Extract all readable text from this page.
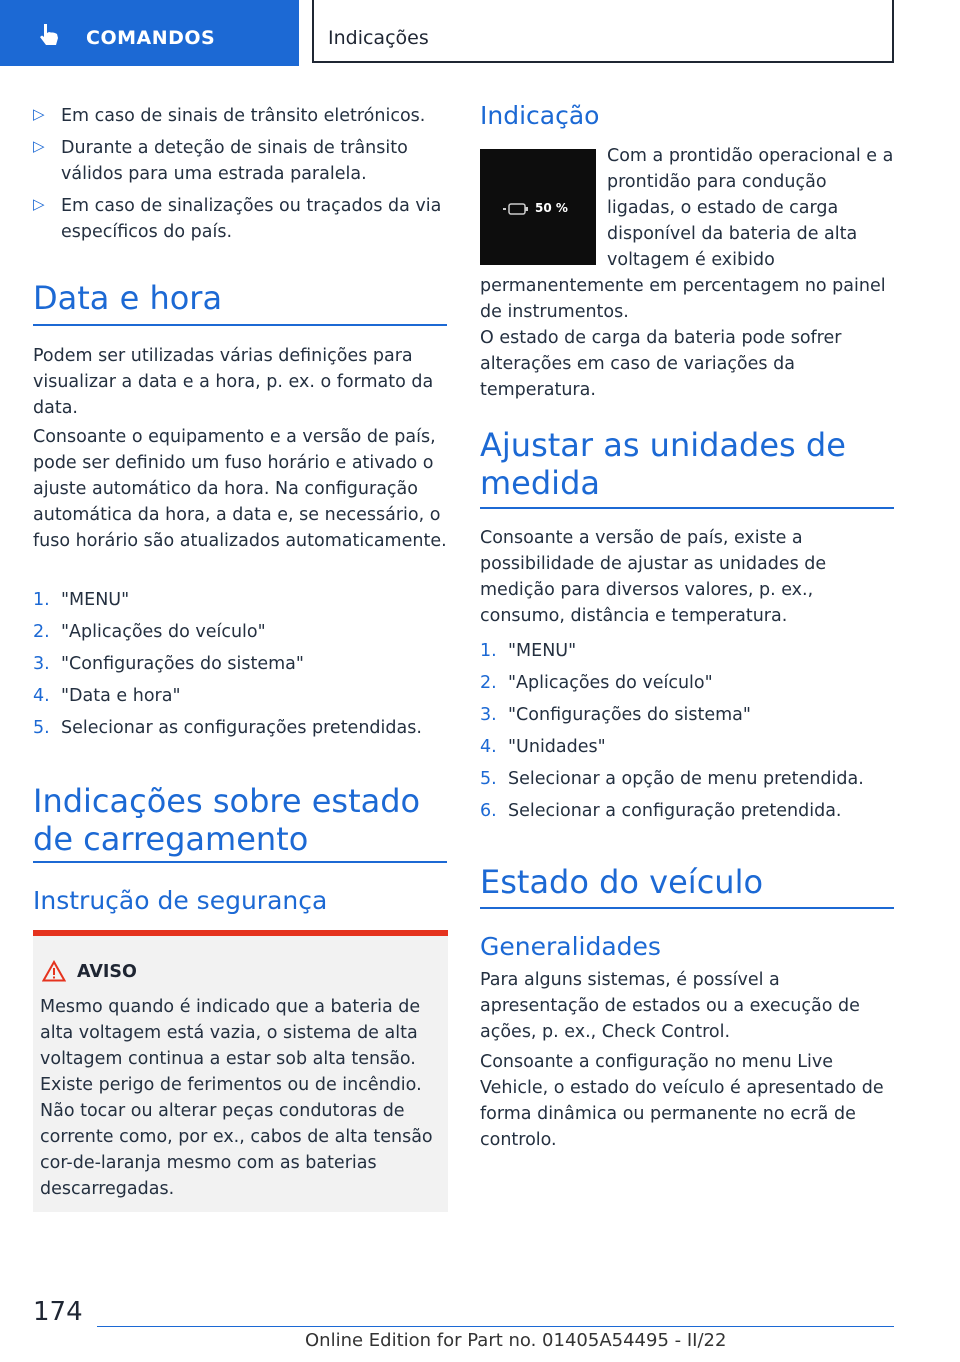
COMANDOS	Indicações
▷ Em caso de sinais de trânsito eletrónicos.
▷ Durante a deteção de sinais de trânsito válidos para uma estrada paralela.
▷ Em caso de sinalizações ou traçados da via específicos do país.
Data e hora
Podem ser utilizadas várias definições para visualizar a data e a hora, p. ex. o formato da data.
Consoante o equipamento e a versão de país, pode ser definido um fuso horário e ativado o ajuste automático da hora. Na configuração automática da hora, a data e, se necessário, o fuso horário são atualizados automaticamente.
1. "MENU"
2. "Aplicações do veículo"
3. "Configurações do sistema"
4. "Data e hora"
5. Selecionar as configurações pretendidas.
Indicações sobre estado de carregamento
Instrução de segurança
AVISO
Mesmo quando é indicado que a bateria de alta voltagem está vazia, o sistema de alta voltagem continua a estar sob alta tensão. Existe perigo de ferimentos ou de incêndio. Não tocar ou alterar peças condutoras de corrente como, por ex., cabos de alta tensão cor-de-laranja mesmo com as baterias descarregadas.
Indicação
50 %
Com a prontidão operacional e a prontidão para condução ligadas, o estado de carga disponível da bateria de alta voltagem é exibido permanentemente em percentagem no painel de instrumentos.
O estado de carga da bateria pode sofrer alterações em caso de variações da temperatura.
Ajustar as unidades de medida
Consoante a versão de país, existe a possibilidade de ajustar as unidades de medição para diversos valores, p. ex., consumo, distância e temperatura.
1. "MENU"
2. "Aplicações do veículo"
3. "Configurações do sistema"
4. "Unidades"
5. Selecionar a opção de menu pretendida.
6. Selecionar a configuração pretendida.
Estado do veículo
Generalidades
Para alguns sistemas, é possível a apresentação de estados ou a execução de ações, p. ex., Check Control.
Consoante a configuração no menu Live Vehicle, o estado do veículo é apresentado de forma dinâmica ou permanente no ecrã de controlo.
174
Online Edition for Part no. 01405A54495 - II/22
